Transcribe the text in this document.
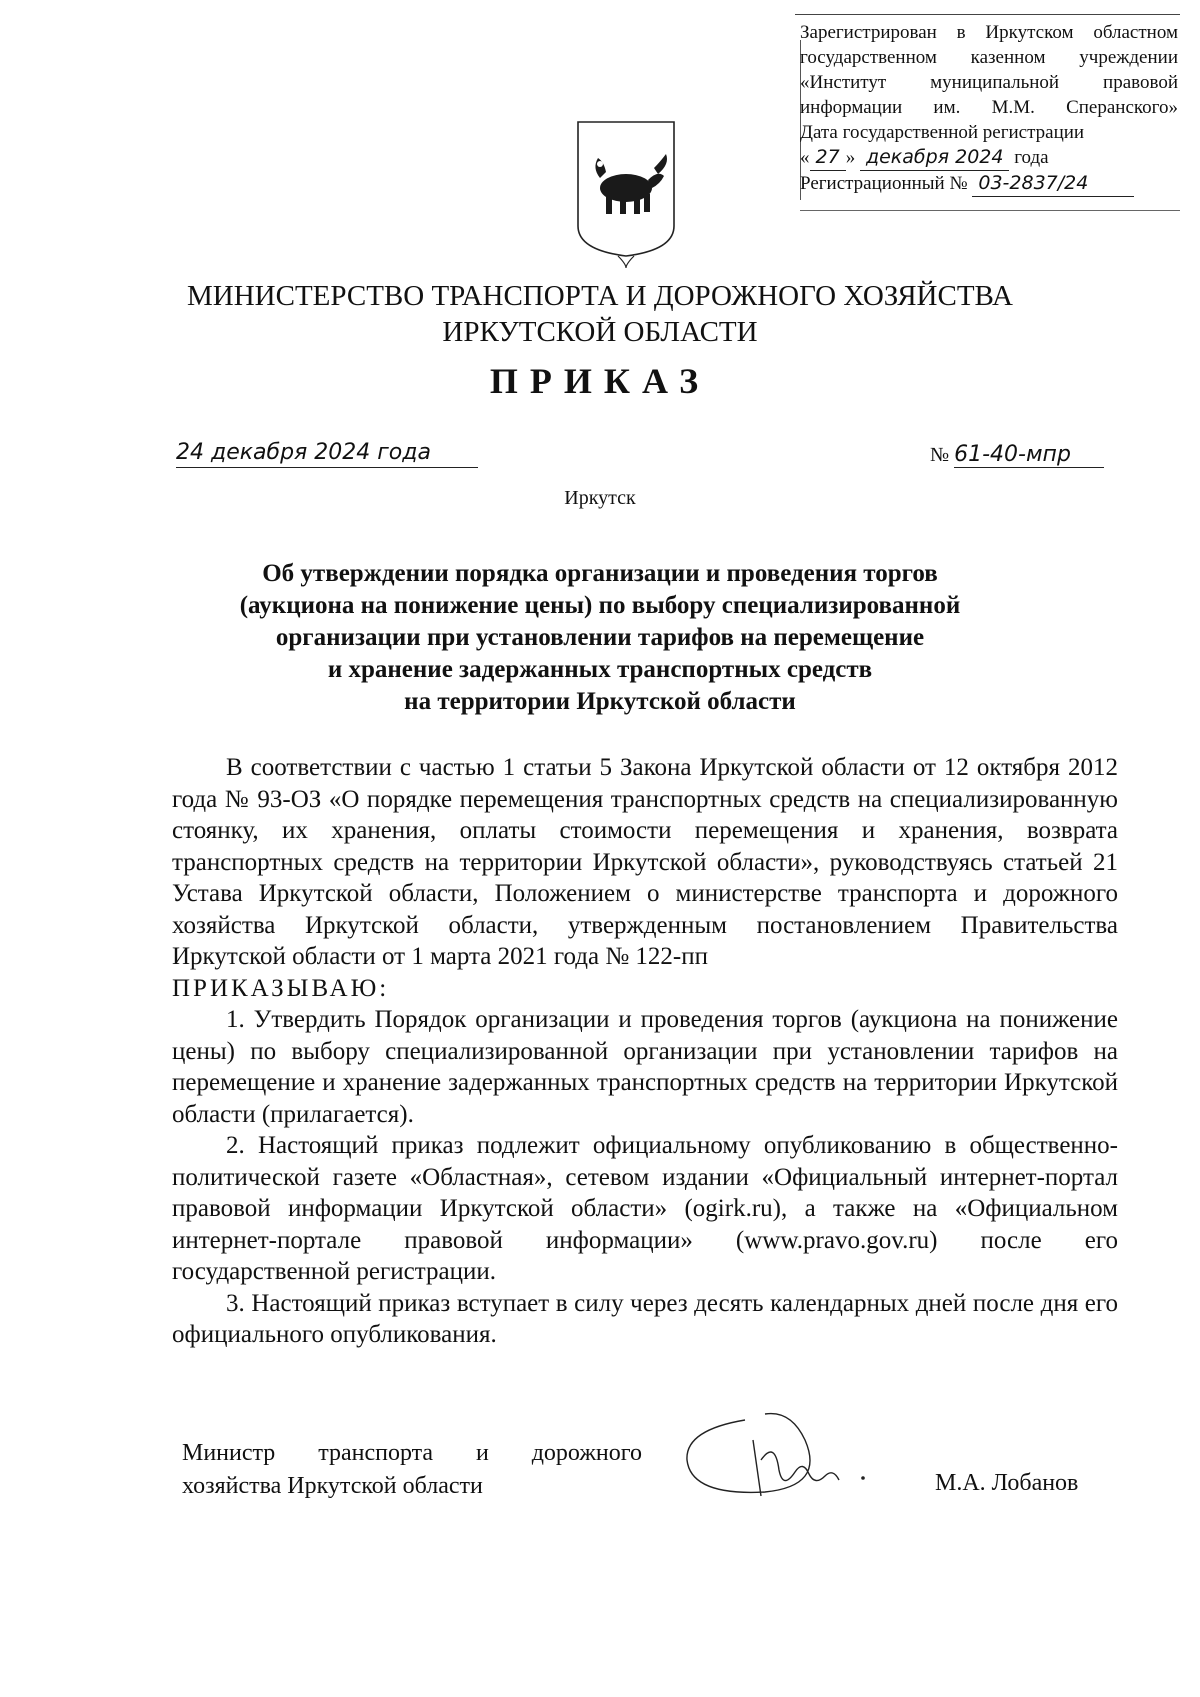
Зарегистрирован в Иркутском областном
государственном казенном учреждении
«Институт муниципальной правовой
информации им. М.М. Сперанского»
Дата государственной регистрации
« 27 » декабря 2024 года
Регистрационный № 03-2837/24
МИНИСТЕРСТВО ТРАНСПОРТА И ДОРОЖНОГО ХОЗЯЙСТВА
ИРКУТСКОЙ ОБЛАСТИ
ПРИКАЗ
24 декабря 2024 года	№ 61-40-мпр
Иркутск
Об утверждении порядка организации и проведения торгов
(аукциона на понижение цены) по выбору специализированной
организации при установлении тарифов на перемещение
и хранение задержанных транспортных средств
на территории Иркутской области

В соответствии с частью 1 статьи 5 Закона Иркутской области от 12 октября 2012 года № 93-ОЗ «О порядке перемещения транспортных средств на специализированную стоянку, их хранения, оплаты стоимости перемещения и хранения, возврата транспортных средств на территории Иркутской области», руководствуясь статьей 21 Устава Иркутской области, Положением о министерстве транспорта и дорожного хозяйства Иркутской области, утвержденным постановлением Правительства Иркутской области от 1 марта 2021 года № 122-пп

ПРИКАЗЫВАЮ:

1. Утвердить Порядок организации и проведения торгов (аукциона на понижение цены) по выбору специализированной организации при установлении тарифов на перемещение и хранение задержанных транспортных средств на территории Иркутской области (прилагается).

2. Настоящий приказ подлежит официальному опубликованию в общественно-политической газете «Областная», сетевом издании «Официальный интернет-портал правовой информации Иркутской области» (ogirk.ru), а также на «Официальном интернет-портале правовой информации» (www.pravo.gov.ru) после его государственной регистрации.

3. Настоящий приказ вступает в силу через десять календарных дней после дня его официального опубликования.

Министр транспорта и дорожного
хозяйства Иркутской области	М.А. Лобанов
